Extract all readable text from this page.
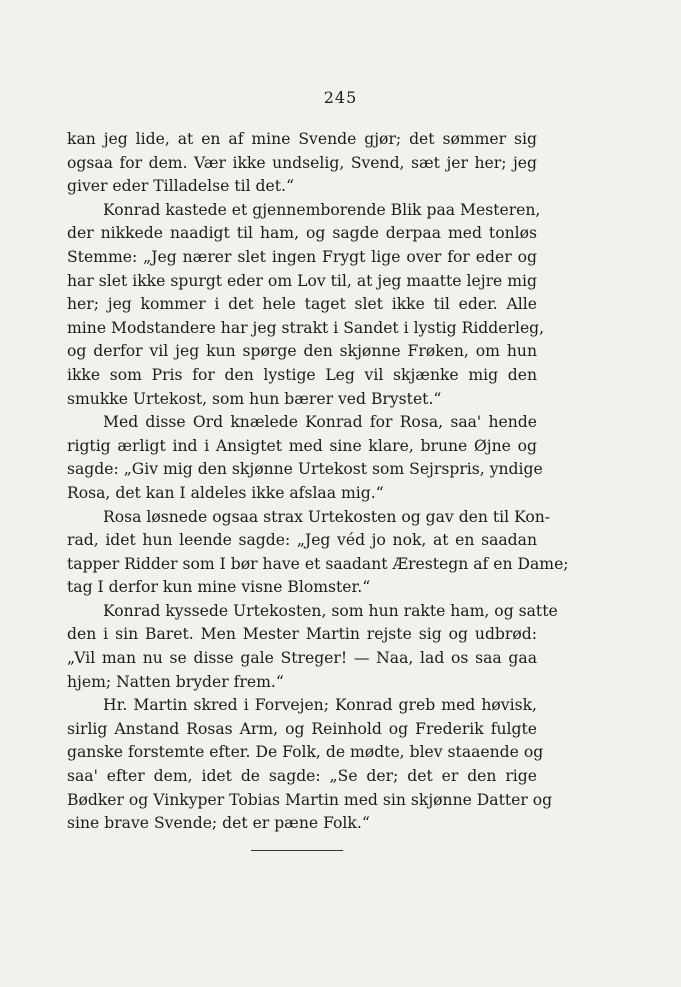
245
kan jeg lide, at en af mine Svende gjør; det sømmer sig
ogsaa for dem. Vær ikke undselig, Svend, sæt jer her; jeg
giver eder Tilladelse til det.“
Konrad kastede et gjennemborende Blik paa Mesteren,
der nikkede naadigt til ham, og sagde derpaa med tonløs
Stemme: „Jeg nærer slet ingen Frygt lige over for eder og
har slet ikke spurgt eder om Lov til, at jeg maatte lejre mig
her; jeg kommer i det hele taget slet ikke til eder. Alle
mine Modstandere har jeg strakt i Sandet i lystig Ridderleg,
og derfor vil jeg kun spørge den skjønne Frøken, om hun
ikke som Pris for den lystige Leg vil skjænke mig den
smukke Urtekost, som hun bærer ved Brystet.“
Med disse Ord knælede Konrad for Rosa, saa' hende
rigtig ærligt ind i Ansigtet med sine klare, brune Øjne og
sagde: „Giv mig den skjønne Urtekost som Sejrspris, yndige
Rosa, det kan I aldeles ikke afslaa mig.“
Rosa løsnede ogsaa strax Urtekosten og gav den til Kon-
rad, idet hun leende sagde: „Jeg véd jo nok, at en saadan
tapper Ridder som I bør have et saadant Ærestegn af en Dame;
tag I derfor kun mine visne Blomster.“
Konrad kyssede Urtekosten, som hun rakte ham, og satte
den i sin Baret. Men Mester Martin rejste sig og udbrød:
„Vil man nu se disse gale Streger! — Naa, lad os saa gaa
hjem; Natten bryder frem.“
Hr. Martin skred i Forvejen; Konrad greb med høvisk,
sirlig Anstand Rosas Arm, og Reinhold og Frederik fulgte
ganske forstemte efter. De Folk, de mødte, blev staaende og
saa' efter dem, idet de sagde: „Se der; det er den rige
Bødker og Vinkyper Tobias Martin med sin skjønne Datter og
sine brave Svende; det er pæne Folk.“
